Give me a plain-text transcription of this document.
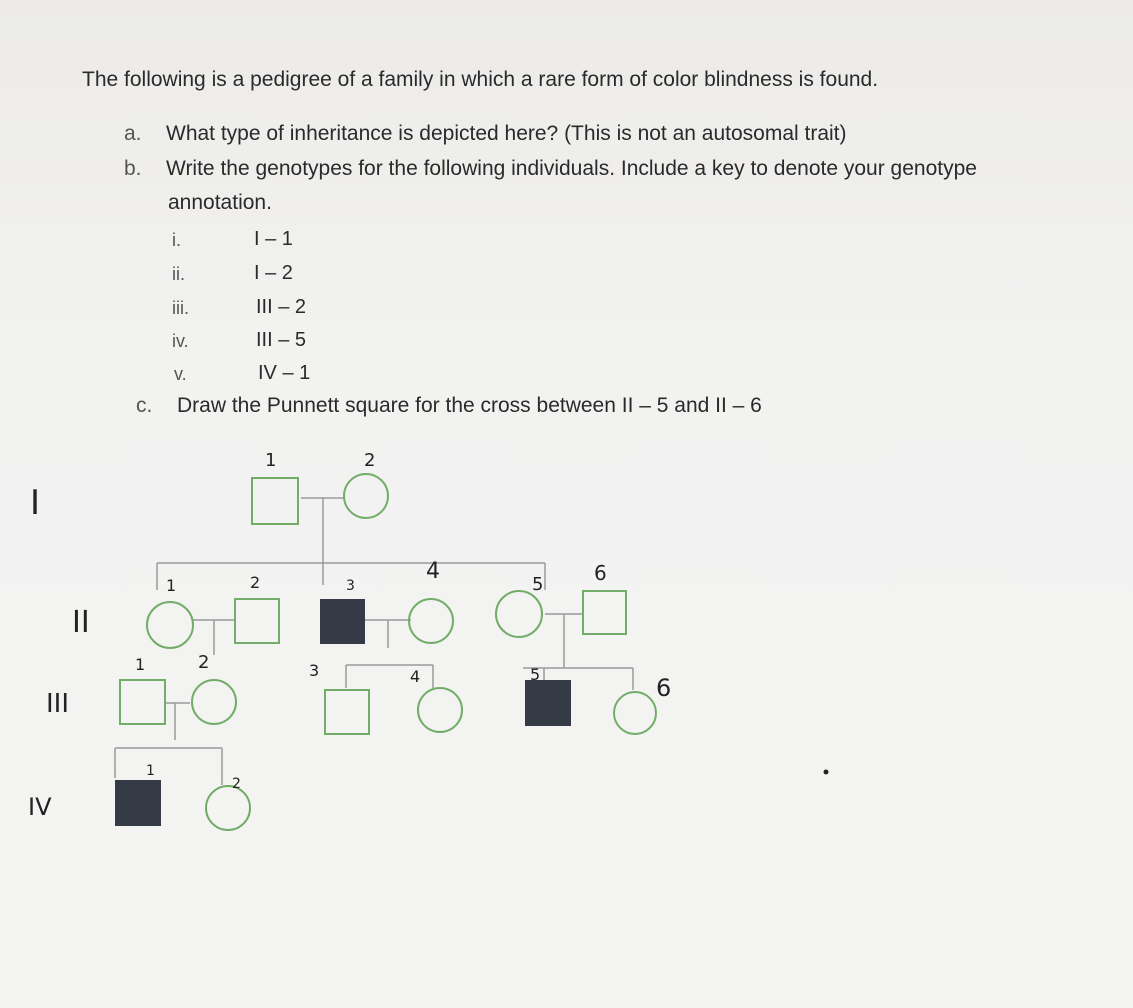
The following is a pedigree of a family in which a rare form of color blindness is found.
a. What type of inheritance is depicted here? (This is not an autosomal trait)
b. Write the genotypes for the following individuals. Include a key to denote your genotype
annotation.
i.	I – 1
ii.	I – 2
iii.	III – 2
iv.	III – 5
v.	IV – 1
c. Draw the Punnett square for the cross between II – 5 and II – 6
I
II
III
IV
1	2
1	2	3
4
5	6
1	2	3	4	5	6
1
2
